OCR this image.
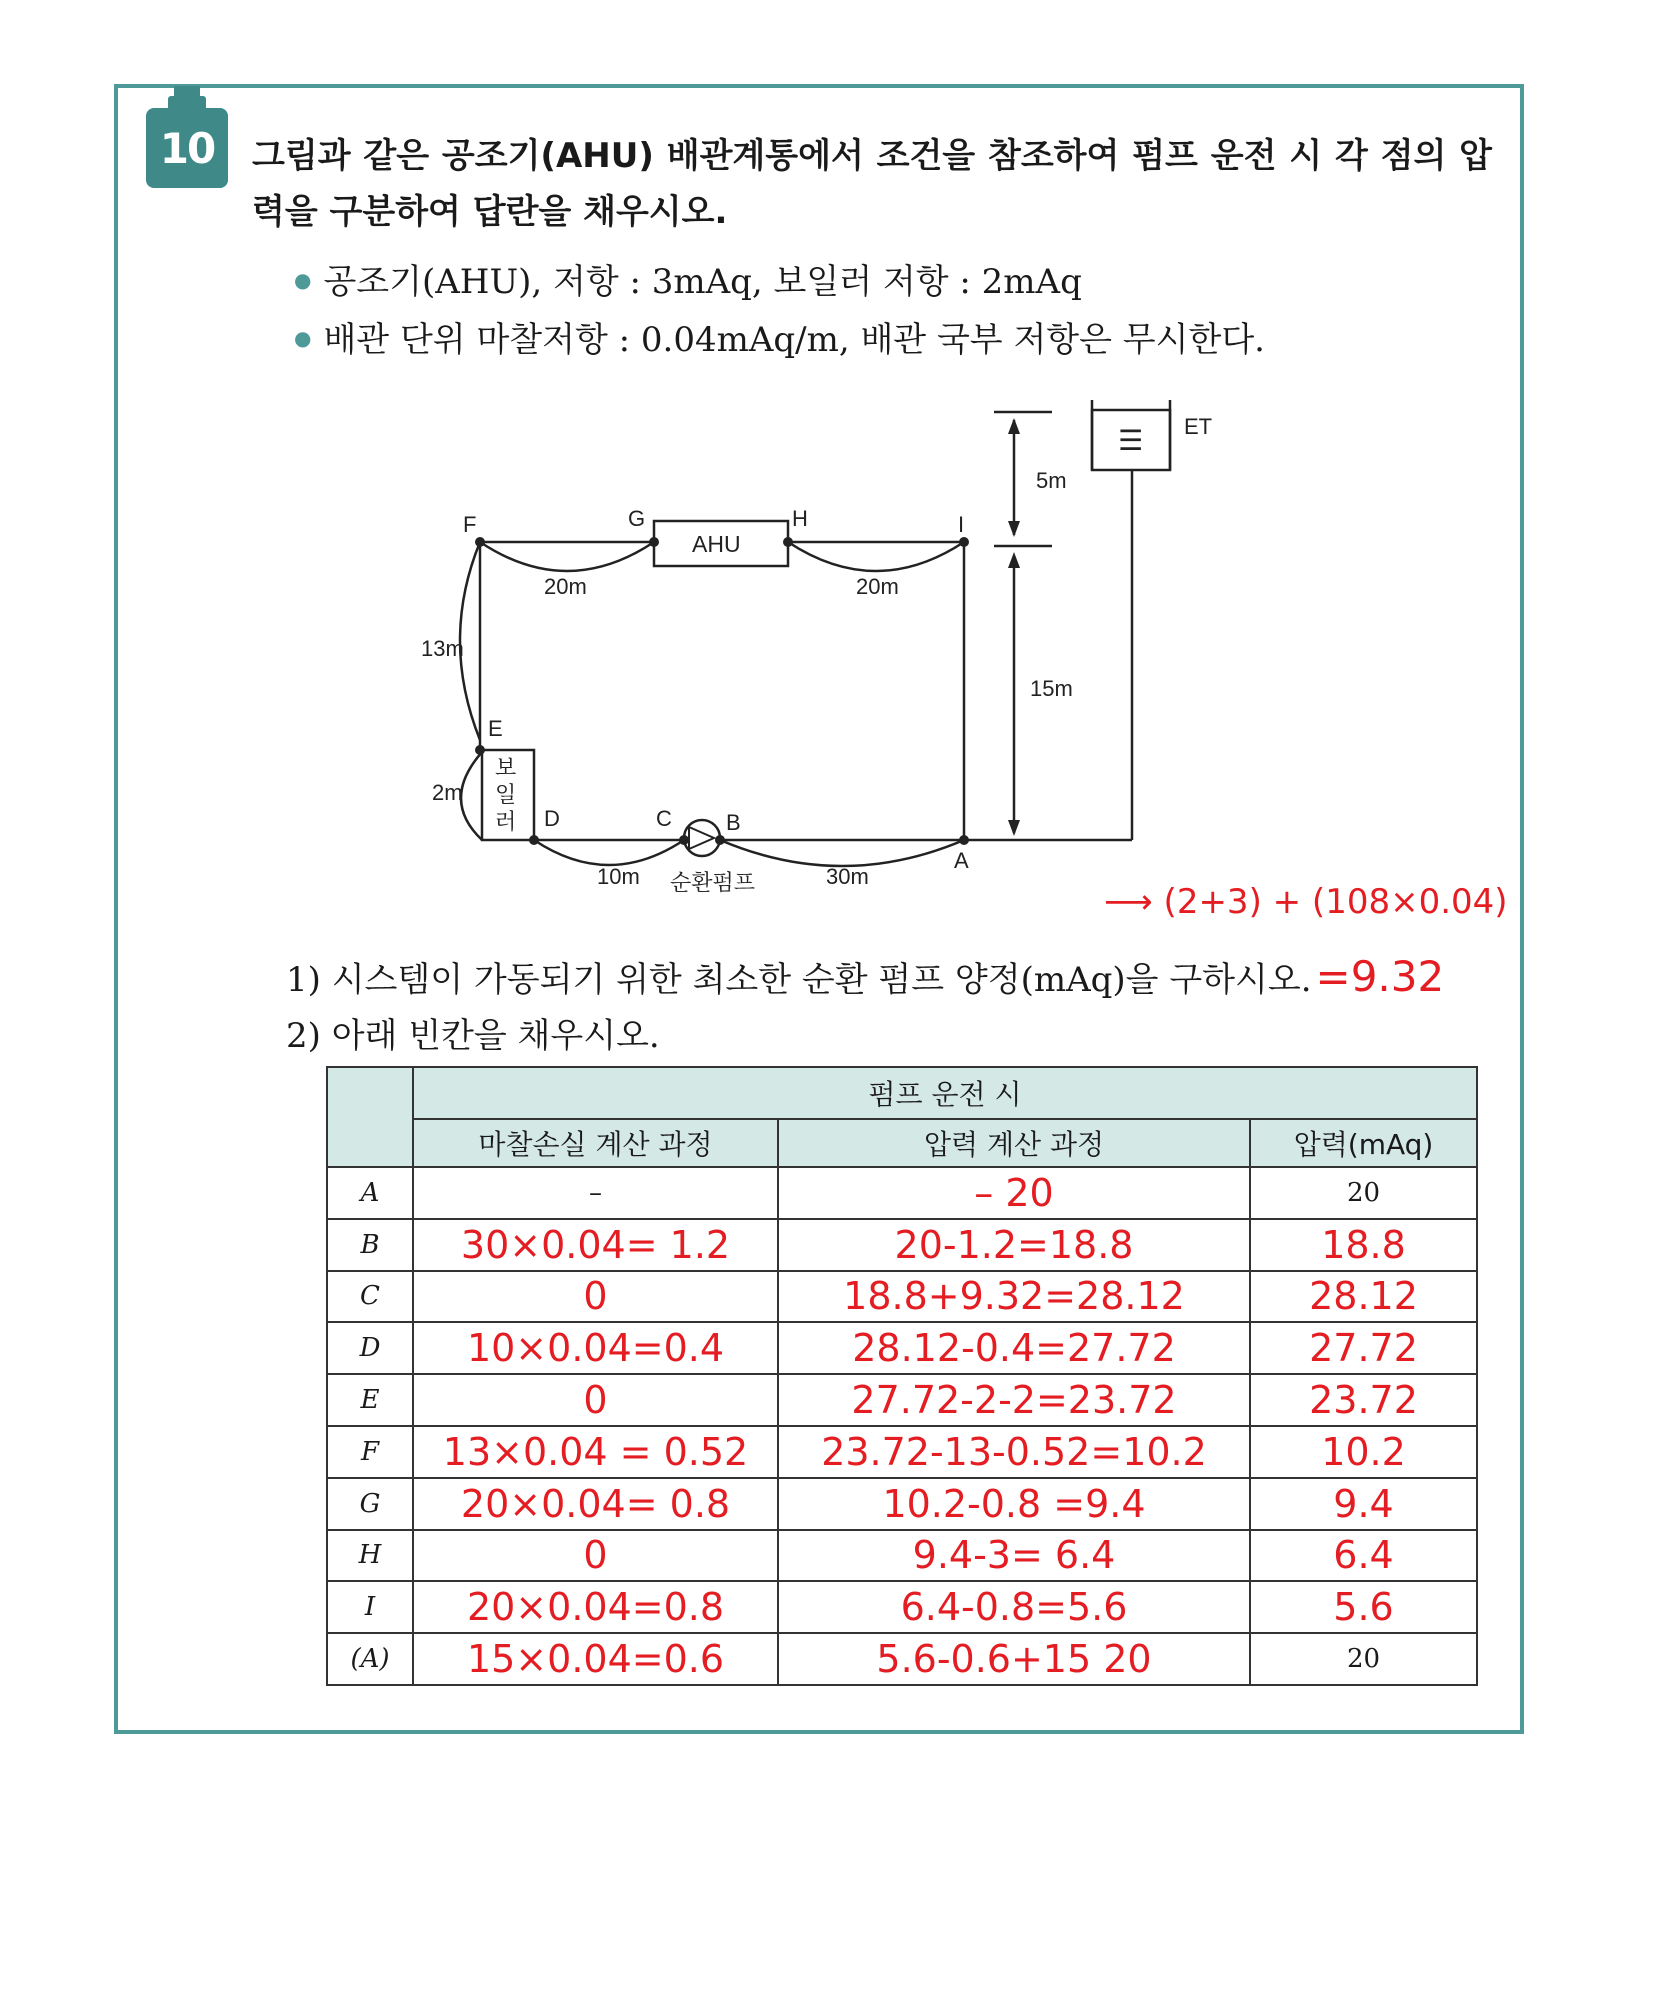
10	그림과 같은 공조기(AHU) 배관계통에서 조건을 참조하여 펌프 운전 시 각 점의 압력을 구분하여 답란을 채우시오.
● 공조기(AHU), 저항 : 3mAq, 보일러 저항 : 2mAq
● 배관 단위 마찰저항 : 0.04mAq/m, 배관 국부 저항은 무시한다.
F	G	H	I
E
D	C B
A
AHU
ET
☰
보
일
러
순환펌프
20m	20m
13m
2m
10m	30m
5m
15m
⟶ (2+3) + (108×0.04)
1) 시스템이 가동되기 위한 최소한 순환 펌프 양정(mAq)을 구하시오.=9.32
2) 아래 빈칸을 채우시오.
	펌프 운전 시		
	마찰손실 계산 과정	압력 계산 과정	압력(mAq)
A	–	– 20	20
B	30×0.04= 1.2	20-1.2=18.8	18.8
C	0	18.8+9.32=28.12	28.12
D	10×0.04=0.4	28.12-0.4=27.72	27.72
E	0	27.72-2-2=23.72	23.72
F	13×0.04 = 0.52	23.72-13-0.52=10.2	10.2
G	20×0.04= 0.8	10.2-0.8 =9.4	9.4
H	0	9.4-3= 6.4	6.4
I	20×0.04=0.8	6.4-0.8=5.6	5.6
(A)	15×0.04=0.6	5.6-0.6+15 20	20
